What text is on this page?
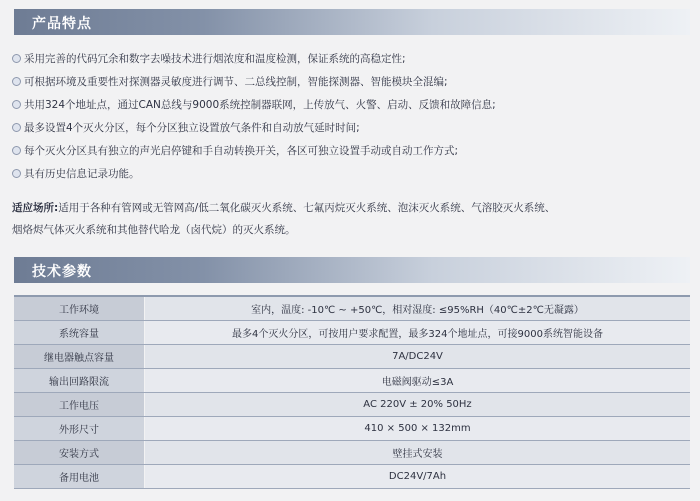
产品特点
采用完善的代码冗余和数字去噪技术进行烟浓度和温度检测，保证系统的高稳定性;
可根据环境及重要性对探测器灵敏度进行调节、二总线控制，智能探测器、智能模块全混编;
共用324个地址点，通过CAN总线与9000系统控制器联网，上传放气、火警、启动、反馈和故障信息;
最多设置4个灭火分区，每个分区独立设置放气条件和自动放气延时时间;
每个灭火分区具有独立的声光启停键和手自动转换开关，各区可独立设置手动或自动工作方式;
具有历史信息记录功能。
适应场所:适用于各种有管网或无管网高/低二氧化碳灭火系统、七氟丙烷灭火系统、泡沫灭火系统、气溶胶灭火系统、
烟烙烬气体灭火系统和其他替代哈龙（卤代烷）的灭火系统。
技术参数
工作环境	室内，温度: -10℃ ~ +50℃，相对湿度: ≤95%RH（40℃±2℃无凝露）
系统容量	最多4个灭火分区，可按用户要求配置，最多324个地址点，可接9000系统智能设备
继电器触点容量	7A/DC24V
输出回路限流	电磁阀驱动≤3A
工作电压	AC 220V ± 20% 50Hz
外形尺寸	410 × 500 × 132mm
安装方式	壁挂式安装
备用电池	DC24V/7Ah
